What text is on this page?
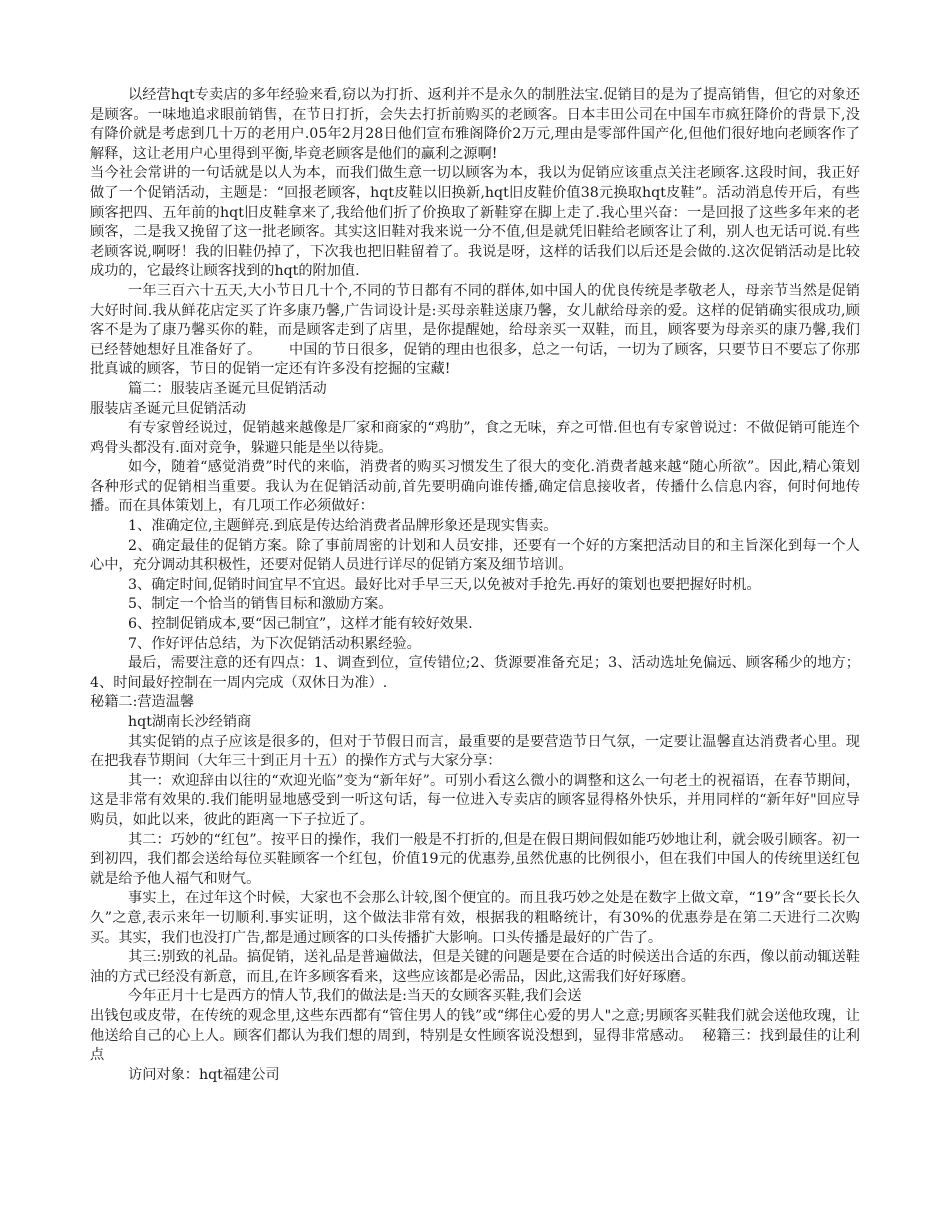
以经营hqt专卖店的多年经验来看,窃以为打折、返利并不是永久的制胜法宝.促销目的是为了提高销售，但它的对象还是顾客。一味地追求眼前销售，在节日打折，会失去打折前购买的老顾客。日本丰田公司在中国车市疯狂降价的背景下,没有降价就是考虑到几十万的老用户.05年2月28日他们宣布雅阁降价2万元,理由是零部件国产化,但他们很好地向老顾客作了解释，这让老用户心里得到平衡,毕竟老顾客是他们的赢利之源啊!

当今社会常讲的一句话就是以人为本，而我们做生意一切以顾客为本，我以为促销应该重点关注老顾客.这段时间，我正好做了一个促销活动，主题是：“回报老顾客，hqt皮鞋以旧换新,hqt旧皮鞋价值38元换取hqt皮鞋”。活动消息传开后，有些顾客把四、五年前的hqt旧皮鞋拿来了,我给他们折了价换取了新鞋穿在脚上走了.我心里兴奋：一是回报了这些多年来的老顾客，二是我又挽留了这一批老顾客。其实这旧鞋对我来说一分不值,但是就凭旧鞋给老顾客让了利，别人也无话可说.有些老顾客说,啊呀！我的旧鞋仍掉了，下次我也把旧鞋留着了。我说是呀，这样的话我们以后还是会做的.这次促销活动是比较成功的，它最终让顾客找到的hqt的附加值.

一年三百六十五天,大小节日几十个,不同的节日都有不同的群体,如中国人的优良传统是孝敬老人，母亲节当然是促销大好时间.我从鲜花店定买了许多康乃馨,广告词设计是:买母亲鞋送康乃馨，女儿献给母亲的爱。这样的促销确实很成功,顾客不是为了康乃馨买你的鞋，而是顾客走到了店里，是你提醒她，给母亲买一双鞋，而且，顾客要为母亲买的康乃馨,我们已经替她想好且准备好了。      中国的节日很多，促销的理由也很多，总之一句话，一切为了顾客，只要节日不要忘了你那批真诚的顾客，节日的促销一定还有许多没有挖掘的宝藏!

篇二：服装店圣诞元旦促销活动

服装店圣诞元旦促销活动

有专家曾经说过，促销越来越像是厂家和商家的“鸡肋”，食之无味，弃之可惜.但也有专家曾说过：不做促销可能连个鸡骨头都没有.面对竞争，躲避只能是坐以待毙。

如今，随着“感觉消费”时代的来临，消费者的购买习惯发生了很大的变化.消费者越来越“随心所欲”。因此,精心策划各种形式的促销相当重要。我认为在促销活动前,首先要明确向谁传播,确定信息接收者，传播什么信息内容，何时何地传播。而在具体策划上，有几项工作必须做好：

1、准确定位,主题鲜亮.到底是传达给消费者品牌形象还是现实售卖。

2、确定最佳的促销方案。除了事前周密的计划和人员安排，还要有一个好的方案把活动目的和主旨深化到每一个人心中，充分调动其积极性，还要对促销人员进行详尽的促销方案及细节培训。

3、确定时间,促销时间宜早不宜迟。最好比对手早三天,以免被对手抢先.再好的策划也要把握好时机。

5、制定一个恰当的销售目标和激励方案。

6、控制促销成本,要“因己制宜”，这样才能有较好效果.

7、作好评估总结，为下次促销活动积累经验。

最后，需要注意的还有四点：1、调查到位，宣传错位;2、货源要准备充足；3、活动选址免偏远、顾客稀少的地方；4、时间最好控制在一周内完成（双休日为准）.

秘籍二:营造温馨

hqt湖南长沙经销商

其实促销的点子应该是很多的，但对于节假日而言，最重要的是要营造节日气氛，一定要让温馨直达消费者心里。现在把我春节期间（大年三十到正月十五）的操作方式与大家分享：

其一：欢迎辞由以往的“欢迎光临”变为“新年好”。可别小看这么微小的调整和这么一句老土的祝福语，在春节期间，这是非常有效果的.我们能明显地感受到一听这句话，每一位进入专卖店的顾客显得格外快乐，并用同样的“新年好"回应导购员，如此以来，彼此的距离一下子拉近了。

其二：巧妙的“红包”。按平日的操作，我们一般是不打折的,但是在假日期间假如能巧妙地让利，就会吸引顾客。初一到初四，我们都会送给每位买鞋顾客一个红包，价值19元的优惠券,虽然优惠的比例很小，但在我们中国人的传统里送红包就是给予他人福气和财气。

事实上，在过年这个时候，大家也不会那么计较,图个便宜的。而且我巧妙之处是在数字上做文章，“19”含“要长长久久”之意,表示来年一切顺利.事实证明，这个做法非常有效，根据我的粗略统计，有30%的优惠券是在第二天进行二次购买。其实，我们也没打广告,都是通过顾客的口头传播扩大影响。口头传播是最好的广告了。

其三:别致的礼品。搞促销，送礼品是普遍做法，但是关键的问题是要在合适的时候送出合适的东西，像以前动辄送鞋油的方式已经没有新意，而且,在许多顾客看来，这些应该都是必需品，因此,这需我们好好琢磨。

今年正月十七是西方的情人节,我们的做法是:当天的女顾客买鞋,我们会送

出钱包或皮带，在传统的观念里,这些东西都有“管住男人的钱”或“绑住心爱的男人"之意;男顾客买鞋我们就会送他玫瑰，让他送给自己的心上人。顾客们都认为我们想的周到，特别是女性顾客说没想到，显得非常感动。  秘籍三：找到最佳的让利点

访问对象：hqt福建公司
